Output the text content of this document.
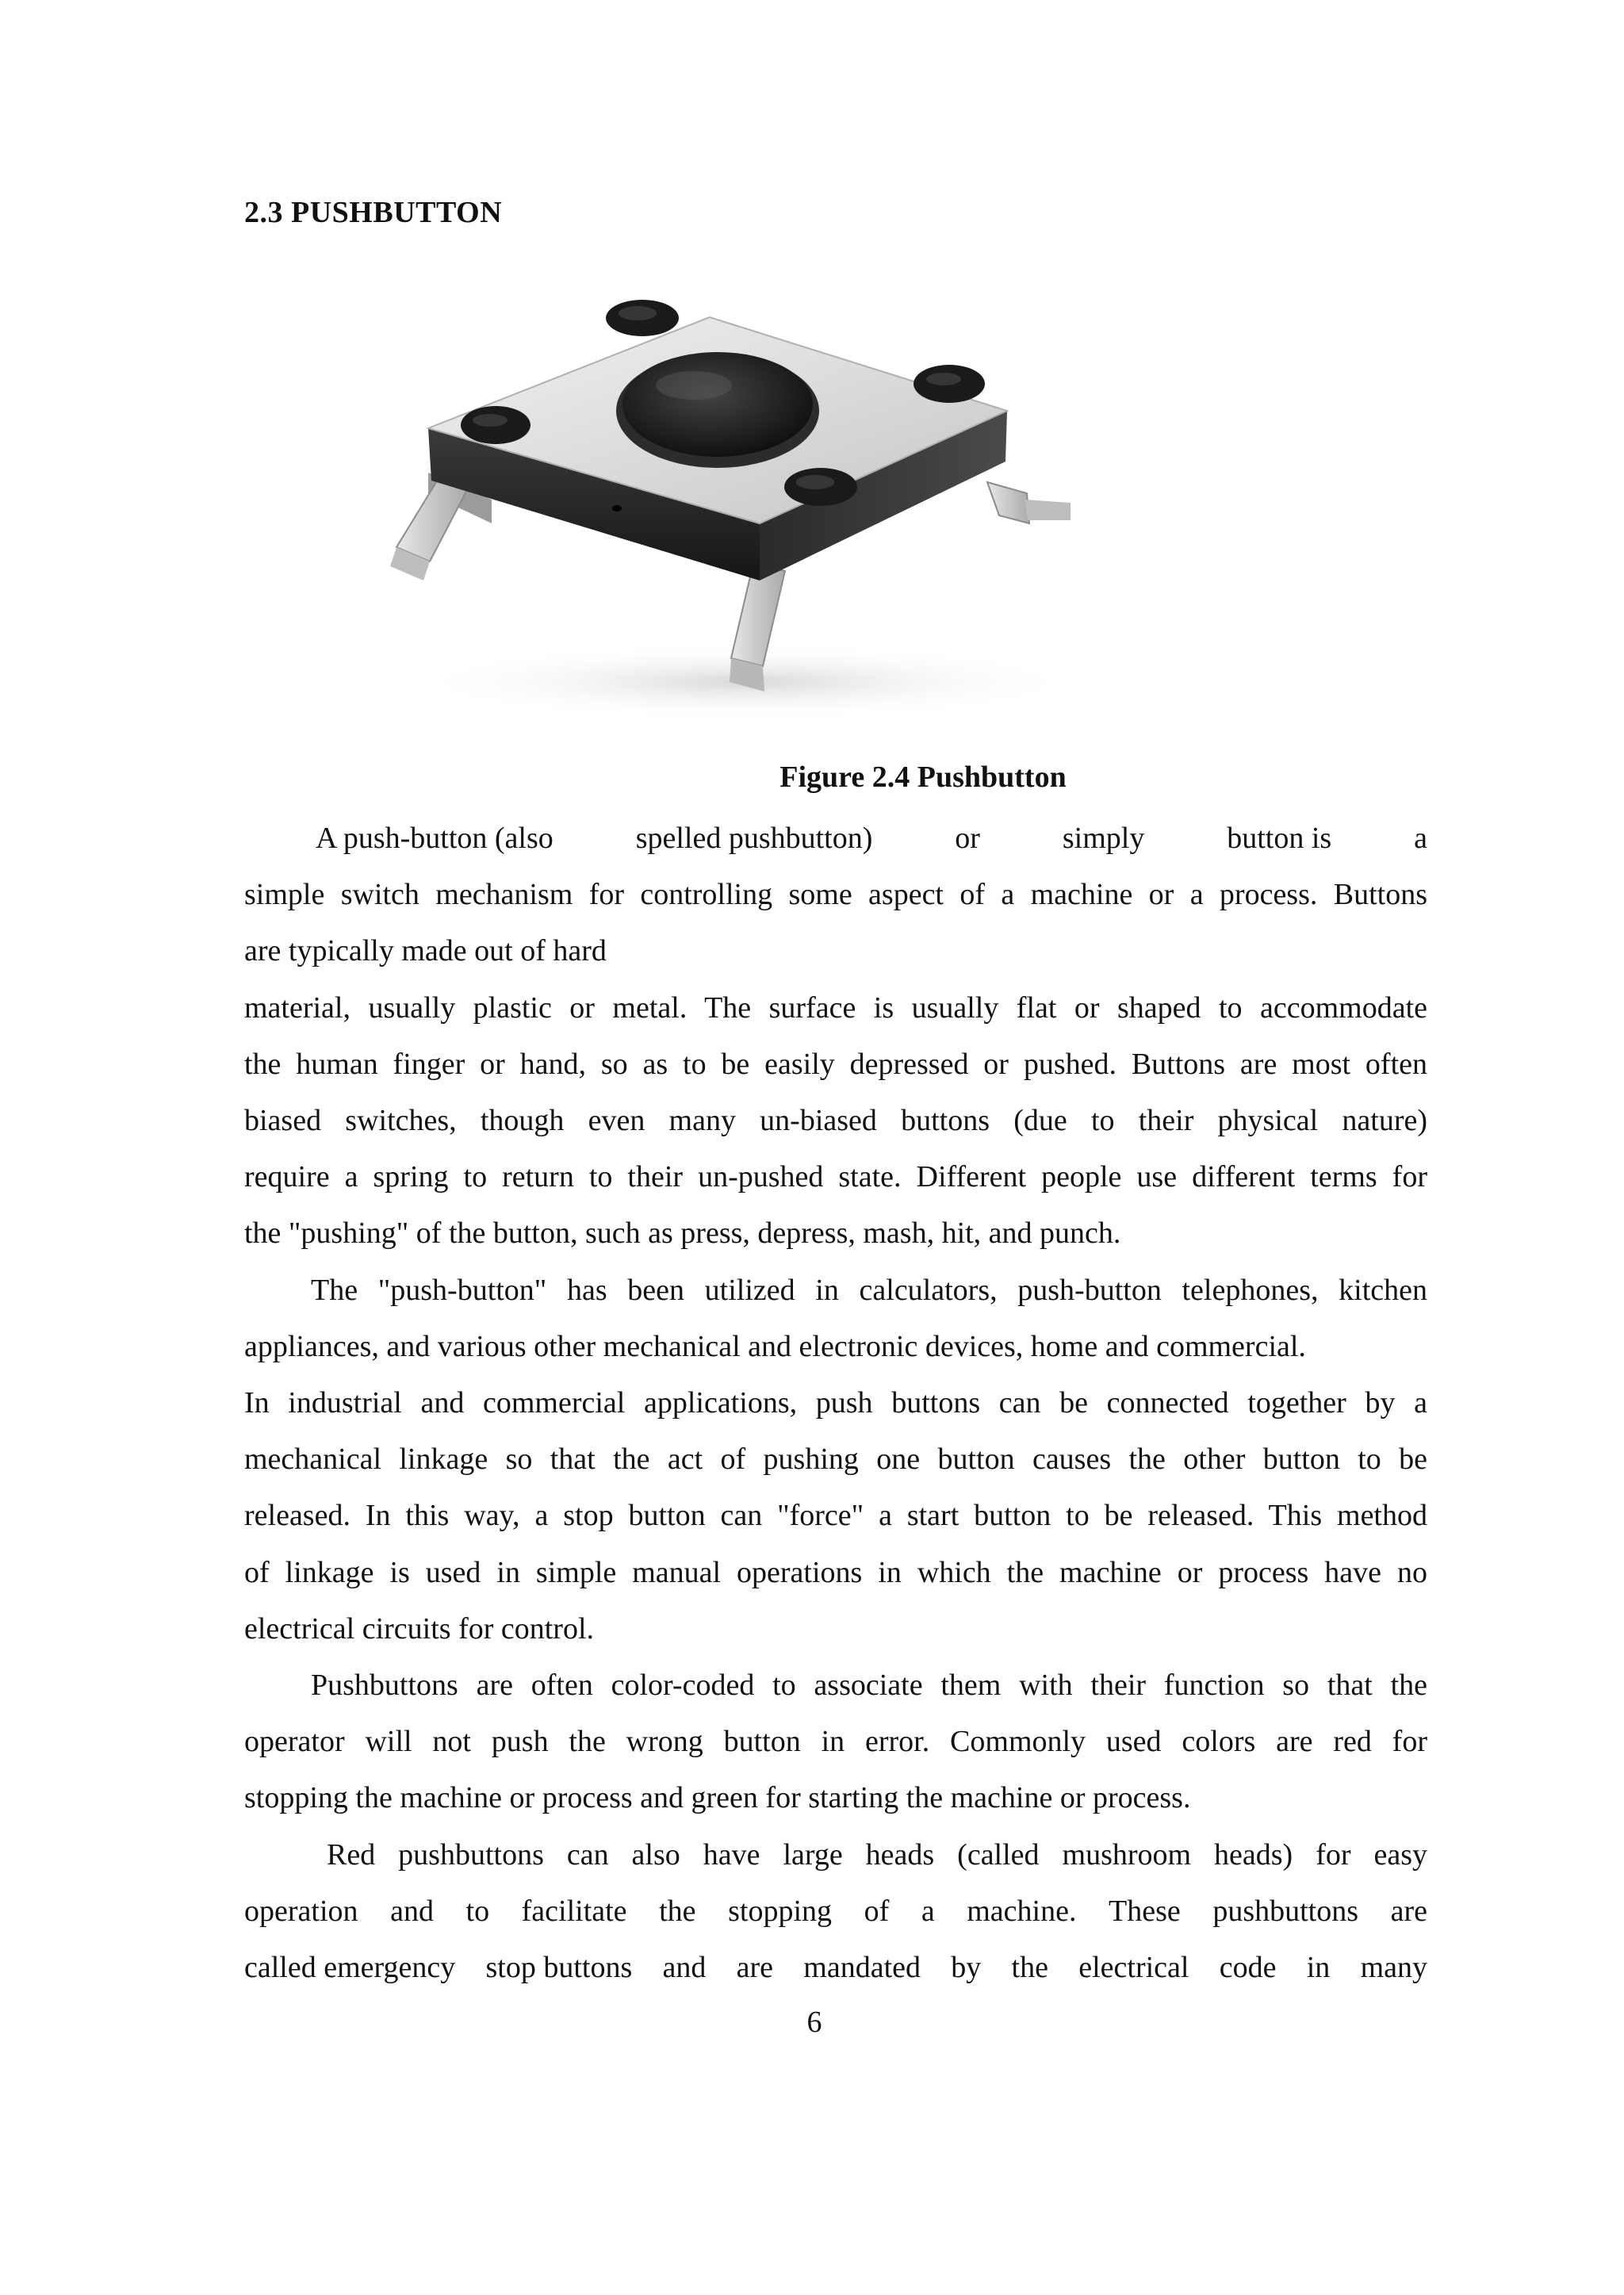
2.3 PUSHBUTTON
Figure 2.4 Pushbutton
A push-button (also	spelled pushbutton)	or	simply	button is	a
simple switch mechanism for controlling some aspect of a machine or a process. Buttons
are typically made out of hard
material, usually plastic or metal. The surface is usually flat or shaped to accommodate
the human finger or hand, so as to be easily depressed or pushed. Buttons are most often
biased switches, though even many un-biased buttons (due to their physical nature)
require a spring to return to their un-pushed state. Different people use different terms for
the "pushing" of the button, such as press, depress, mash, hit, and punch.
The "push-button" has been utilized in calculators, push-button telephones, kitchen
appliances, and various other mechanical and electronic devices, home and commercial.
In industrial and commercial applications, push buttons can be connected together by a
mechanical linkage so that the act of pushing one button causes the other button to be
released. In this way, a stop button can "force" a start button to be released. This method
of linkage is used in simple manual operations in which the machine or process have no
electrical circuits for control.
Pushbuttons are often color-coded to associate them with their function so that the
operator will not push the wrong button in error. Commonly used colors are red for
stopping the machine or process and green for starting the machine or process.
Red pushbuttons can also have large heads (called mushroom heads) for easy
operation and to facilitate the stopping of a machine. These pushbuttons are
called emergency stop buttons and are mandated by the electrical code in many
6
